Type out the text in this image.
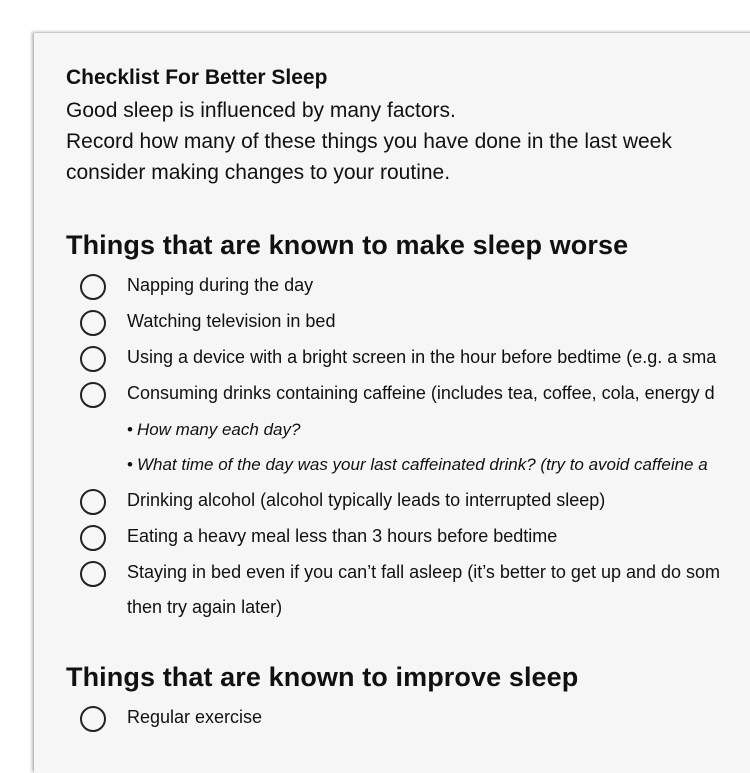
Checklist For Better Sleep
Good sleep is influenced by many factors.
Record how many of these things you have done in the last week
consider making changes to your routine.
Things that are known to make sleep worse
Napping during the day
Watching television in bed
Using a device with a bright screen in the hour before bedtime (e.g. a sma
Consuming drinks containing caffeine (includes tea, coffee, cola, energy d
• How many each day?
• What time of the day was your last caffeinated drink? (try to avoid caffeine a
Drinking alcohol (alcohol typically leads to interrupted sleep)
Eating a heavy meal less than 3 hours before bedtime
Staying in bed even if you can’t fall asleep (it’s better to get up and do som
then try again later)
Things that are known to improve sleep
Regular exercise
